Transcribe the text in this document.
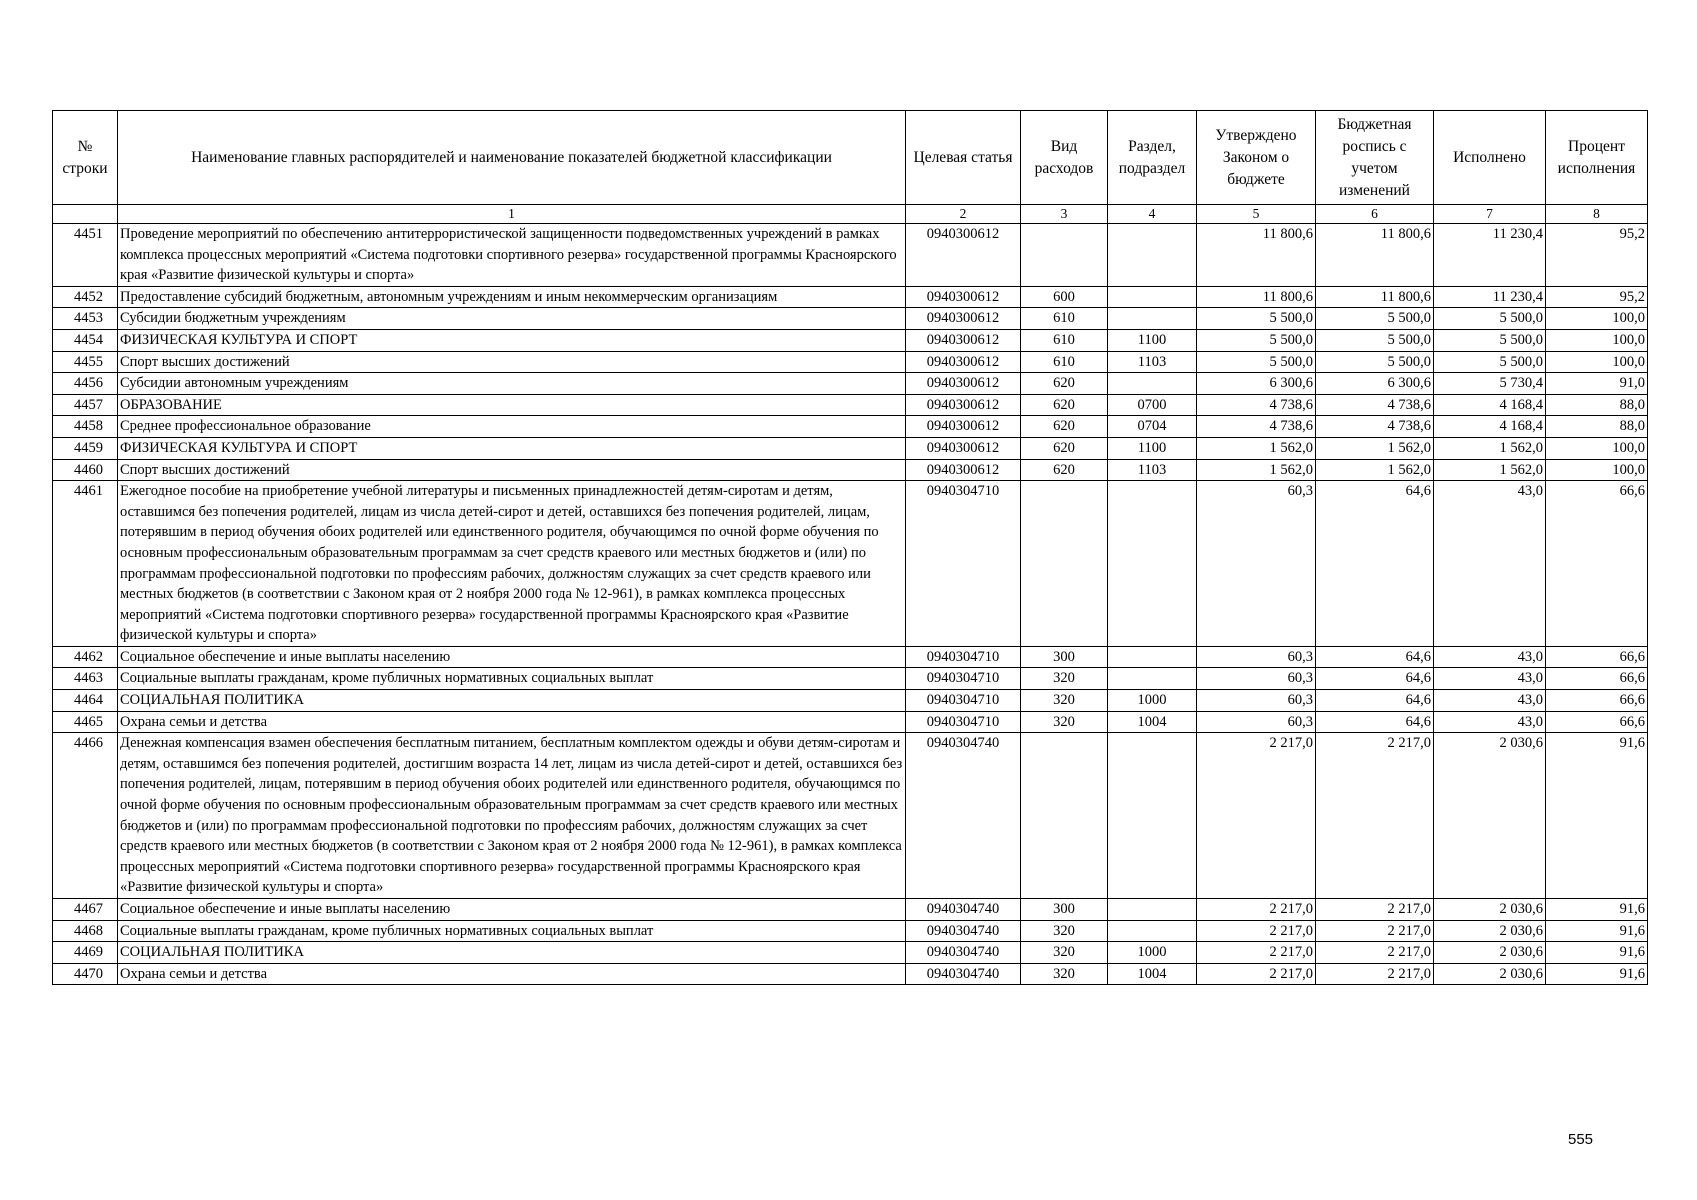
№ строки	Наименование главных распорядителей и наименование показателей бюджетной классификации	Целевая статья	Вид расходов	Раздел, подраздел	Утверждено Законом о бюджете	Бюджетная роспись с учетом изменений	Исполнено	Процент исполнения
	1	2	3	4	5	6	7	8
4451	Проведение мероприятий по обеспечению антитеррористической защищенности подведомственных учреждений в рамках комплекса процессных мероприятий «Система подготовки спортивного резерва» государственной программы Красноярского края «Развитие физической культуры и спорта»	0940300612			11 800,6	11 800,6	11 230,4	95,2
4452	Предоставление субсидий бюджетным, автономным учреждениям и иным некоммерческим организациям	0940300612	600		11 800,6	11 800,6	11 230,4	95,2
4453	Субсидии бюджетным учреждениям	0940300612	610		5 500,0	5 500,0	5 500,0	100,0
4454	ФИЗИЧЕСКАЯ КУЛЬТУРА И СПОРТ	0940300612	610	1100	5 500,0	5 500,0	5 500,0	100,0
4455	Спорт высших достижений	0940300612	610	1103	5 500,0	5 500,0	5 500,0	100,0
4456	Субсидии автономным учреждениям	0940300612	620		6 300,6	6 300,6	5 730,4	91,0
4457	ОБРАЗОВАНИЕ	0940300612	620	0700	4 738,6	4 738,6	4 168,4	88,0
4458	Среднее профессиональное образование	0940300612	620	0704	4 738,6	4 738,6	4 168,4	88,0
4459	ФИЗИЧЕСКАЯ КУЛЬТУРА И СПОРТ	0940300612	620	1100	1 562,0	1 562,0	1 562,0	100,0
4460	Спорт высших достижений	0940300612	620	1103	1 562,0	1 562,0	1 562,0	100,0
4461	Ежегодное пособие на приобретение учебной литературы и письменных принадлежностей детям-сиротам и детям, оставшимся без попечения родителей, лицам из числа детей-сирот и детей, оставшихся без попечения родителей, лицам, потерявшим в период обучения обоих родителей или единственного родителя, обучающимся по очной форме обучения по основным профессиональным образовательным программам за счет средств краевого или местных бюджетов и (или) по программам профессиональной подготовки по профессиям рабочих, должностям служащих за счет средств краевого или местных бюджетов (в соответствии с Законом края от 2 ноября 2000 года № 12-961), в рамках комплекса процессных мероприятий «Система подготовки спортивного резерва» государственной программы Красноярского края «Развитие физической культуры и спорта»	0940304710			60,3	64,6	43,0	66,6
4462	Социальное обеспечение и иные выплаты населению	0940304710	300		60,3	64,6	43,0	66,6
4463	Социальные выплаты гражданам, кроме публичных нормативных социальных выплат	0940304710	320		60,3	64,6	43,0	66,6
4464	СОЦИАЛЬНАЯ ПОЛИТИКА	0940304710	320	1000	60,3	64,6	43,0	66,6
4465	Охрана семьи и детства	0940304710	320	1004	60,3	64,6	43,0	66,6
4466	Денежная компенсация взамен обеспечения бесплатным питанием, бесплатным комплектом одежды и обуви детям-сиротам и детям, оставшимся без попечения родителей, достигшим возраста 14 лет, лицам из числа детей-сирот и детей, оставшихся без попечения родителей, лицам, потерявшим в период обучения обоих родителей или единственного родителя, обучающимся по очной форме обучения по основным профессиональным образовательным программам за счет средств краевого или местных бюджетов и (или) по программам профессиональной подготовки по профессиям рабочих, должностям служащих за счет средств краевого или местных бюджетов (в соответствии с Законом края от 2 ноября 2000 года № 12-961), в рамках комплекса процессных мероприятий «Система подготовки спортивного резерва» государственной программы Красноярского края «Развитие физической культуры и спорта»	0940304740			2 217,0	2 217,0	2 030,6	91,6
4467	Социальное обеспечение и иные выплаты населению	0940304740	300		2 217,0	2 217,0	2 030,6	91,6
4468	Социальные выплаты гражданам, кроме публичных нормативных социальных выплат	0940304740	320		2 217,0	2 217,0	2 030,6	91,6
4469	СОЦИАЛЬНАЯ ПОЛИТИКА	0940304740	320	1000	2 217,0	2 217,0	2 030,6	91,6
4470	Охрана семьи и детства	0940304740	320	1004	2 217,0	2 217,0	2 030,6	91,6
555
